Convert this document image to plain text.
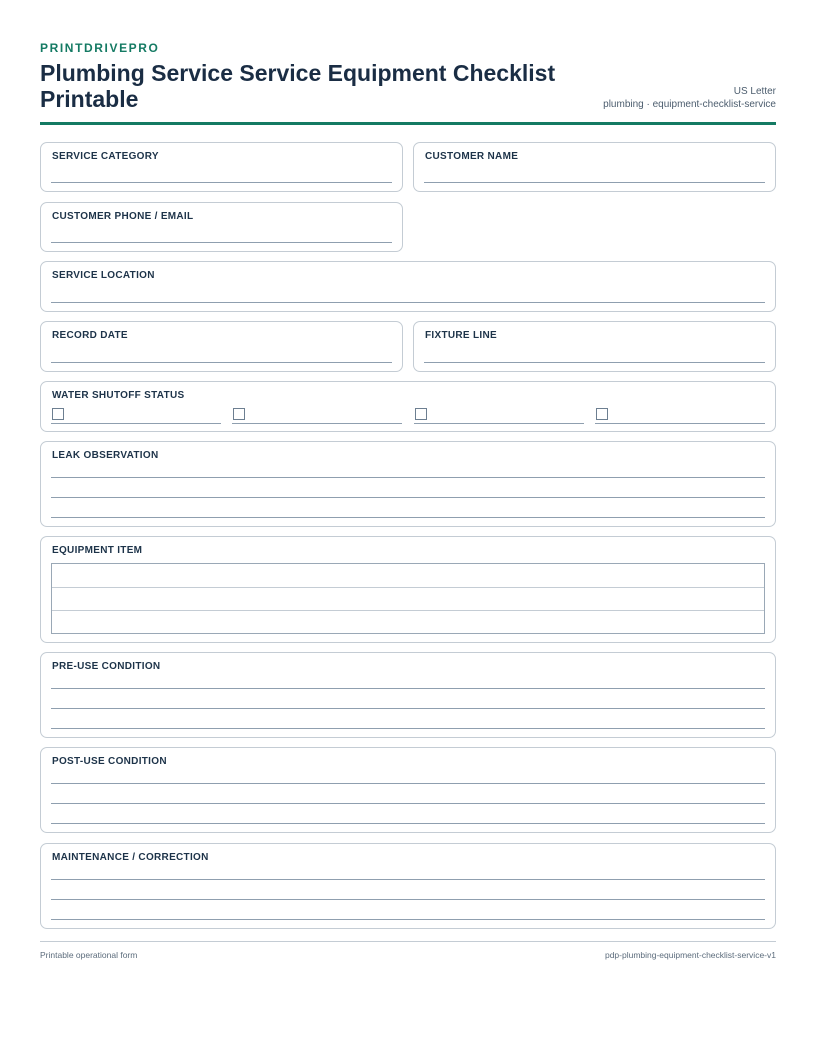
PRINTDRIVEPRO
Plumbing Service Service Equipment Checklist Printable	US Letter
plumbing · equipment-checklist-service
SERVICE CATEGORY	CUSTOMER NAME
CUSTOMER PHONE / EMAIL
SERVICE LOCATION
RECORD DATE	FIXTURE LINE
WATER SHUTOFF STATUS
LEAK OBSERVATION
EQUIPMENT ITEM
PRE-USE CONDITION
POST-USE CONDITION
MAINTENANCE / CORRECTION
Printable operational form	pdp-plumbing-equipment-checklist-service-v1
